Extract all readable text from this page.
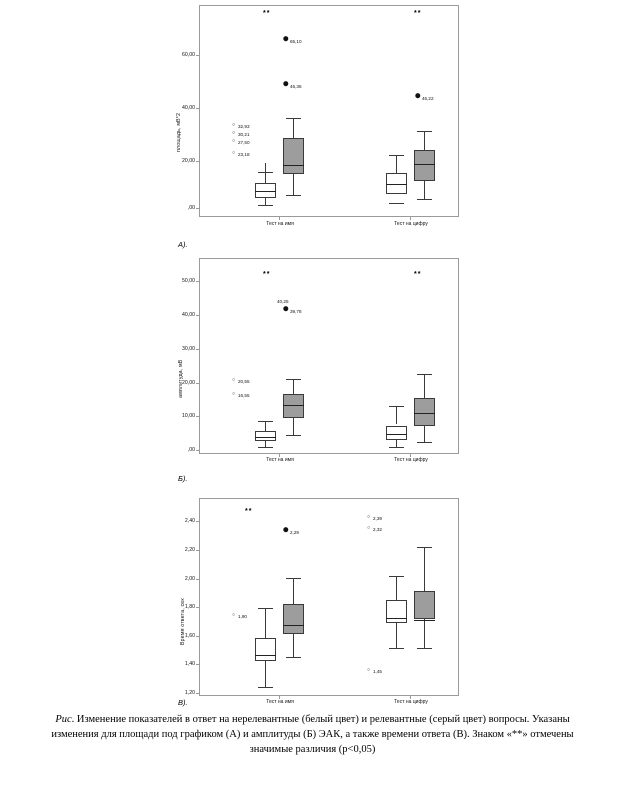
площадь, мВ*2
,00
20,00
40,00
60,00
**	**
○ 32,93
○ 30,21
○ 27,50
○ 23,18
⬤ 65,10
⬤ 46,36
⬤ 46,22
Тест на имя	Тест на цифру
А).
амплитуда, мВ
,00
10,00
20,00
30,00
40,00
50,00
**	**
○ 20,55
○ 16,55
40,25
⬤ 39,78
Тест на имя	Тест на цифру
Б).
Время ответа, сек
1,20
1,40
1,60
1,80
2,00
2,20
2,40
**
○ 1,90
⬤ 2,29
○ 2,39
○ 2,32
○ 1,45
Тест на имя	Тест на цифру
В).
Рис. Изменение показателей в ответ на нерелевантные (белый цвет) и релевантные (серый цвет) вопросы. Указаны изменения для площади под графиком (А) и амплитуды (Б) ЭАК, а также времени ответа (В). Знаком «**» отмечены значимые различия (p<0,05)
